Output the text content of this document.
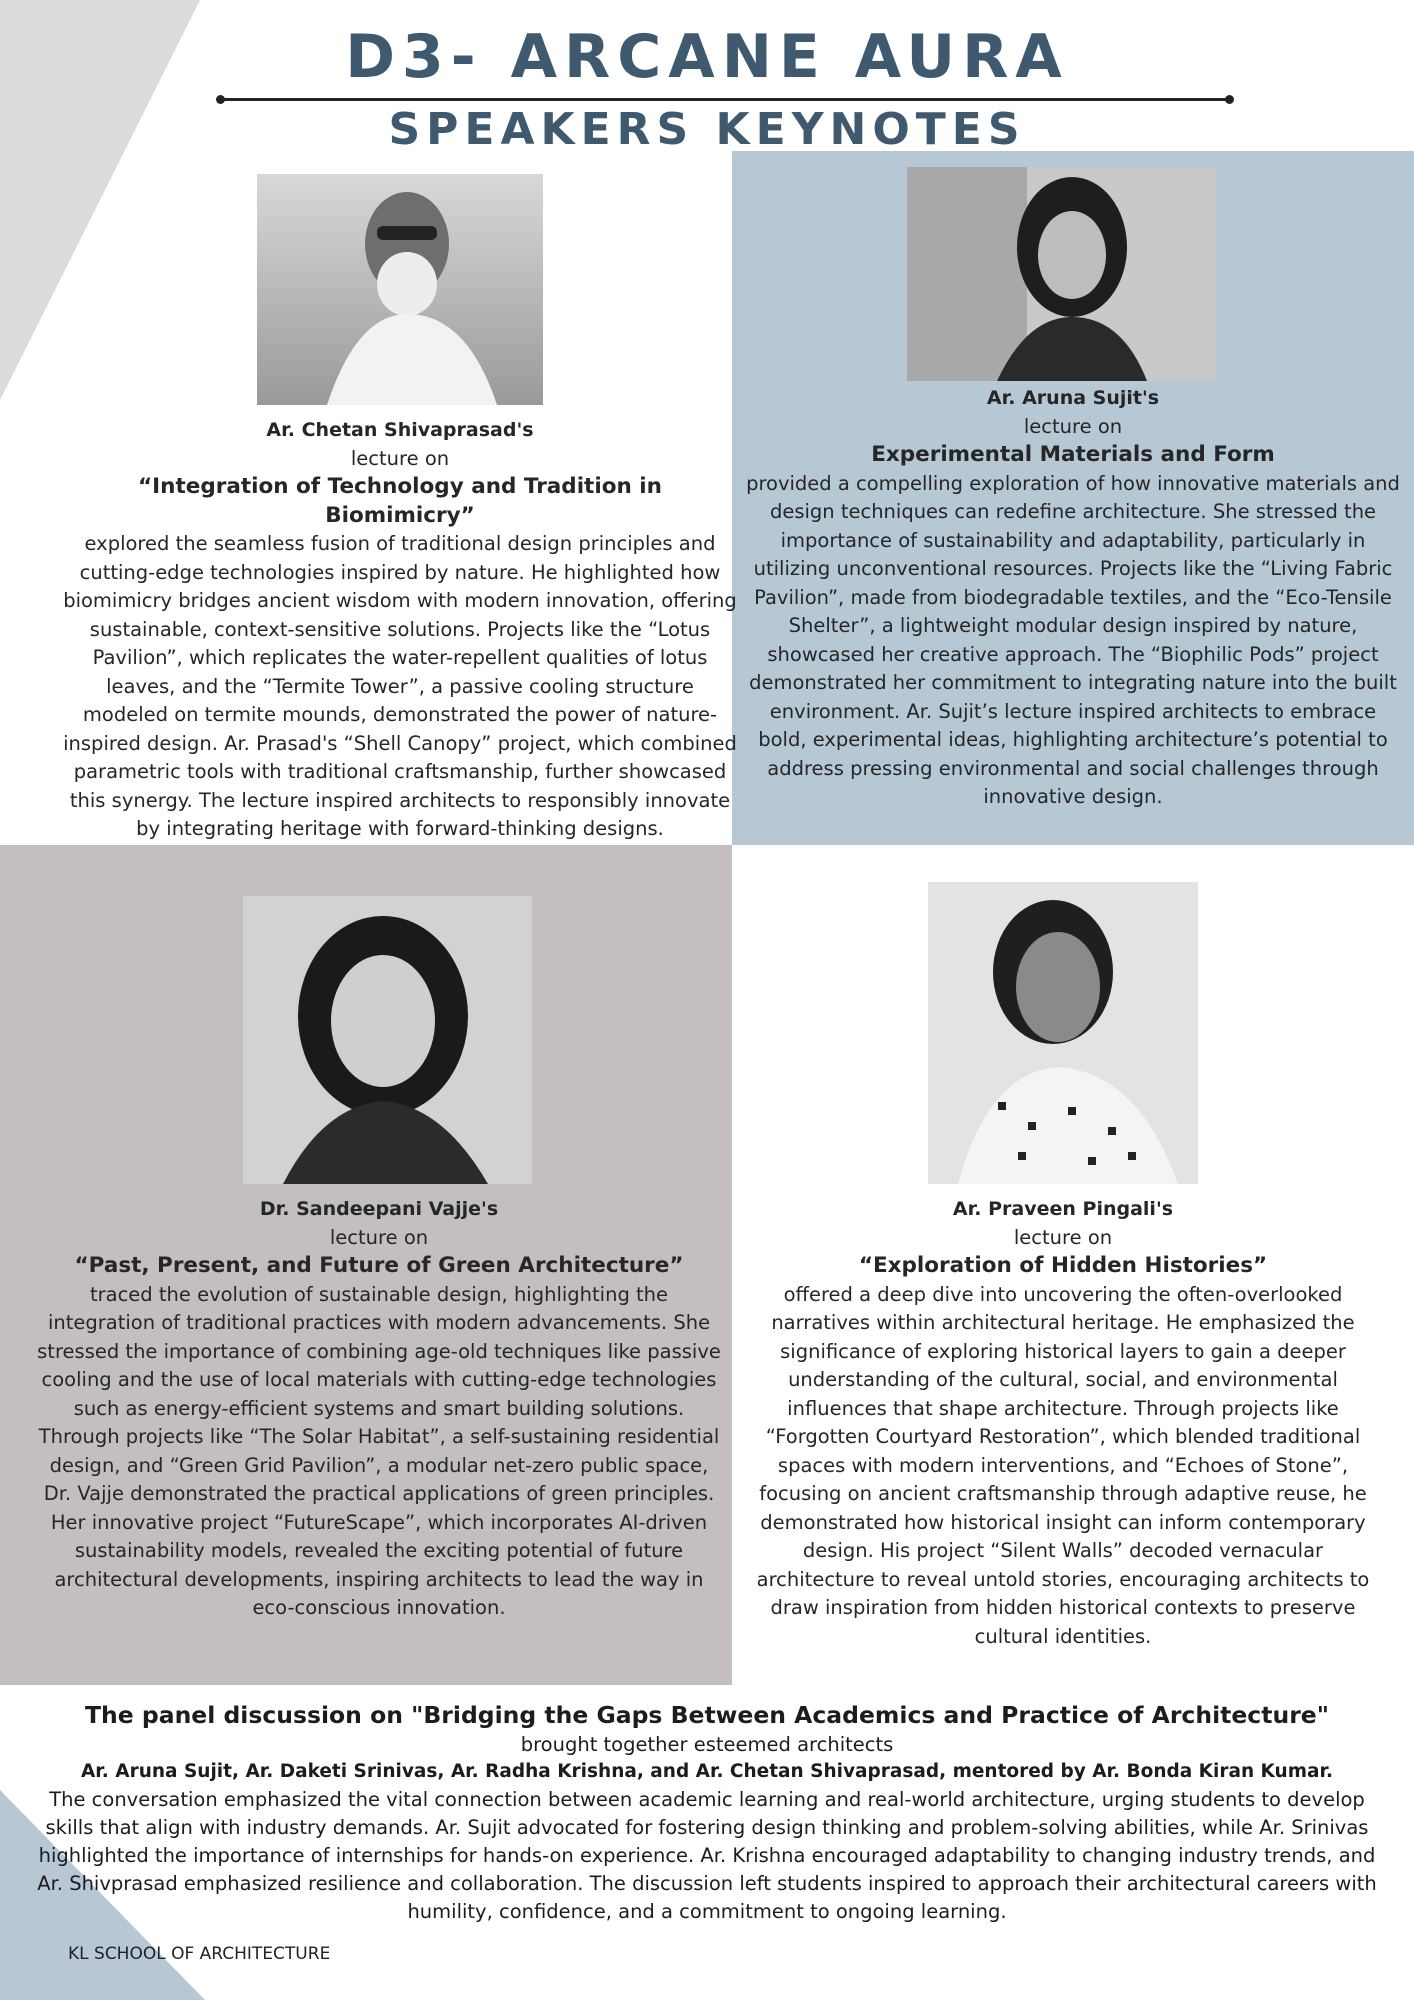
D3- ARCANE AURA
SPEAKERS KEYNOTES
Ar. Chetan Shivaprasad's
lecture on
“Integration of Technology and Tradition in Biomimicry”
explored the seamless fusion of traditional design principles and cutting-edge technologies inspired by nature. He highlighted how biomimicry bridges ancient wisdom with modern innovation, offering sustainable, context-sensitive solutions. Projects like the “Lotus Pavilion”, which replicates the water-repellent qualities of lotus leaves, and the “Termite Tower”, a passive cooling structure modeled on termite mounds, demonstrated the power of nature-inspired design. Ar. Prasad's “Shell Canopy” project, which combined parametric tools with traditional craftsmanship, further showcased this synergy. The lecture inspired architects to responsibly innovate by integrating heritage with forward-thinking designs.
Ar. Aruna Sujit's
lecture on
Experimental Materials and Form
provided a compelling exploration of how innovative materials and design techniques can redefine architecture. She stressed the importance of sustainability and adaptability, particularly in utilizing unconventional resources. Projects like the “Living Fabric Pavilion”, made from biodegradable textiles, and the “Eco-Tensile Shelter”, a lightweight modular design inspired by nature, showcased her creative approach. The “Biophilic Pods” project demonstrated her commitment to integrating nature into the built environment. Ar. Sujit’s lecture inspired architects to embrace bold, experimental ideas, highlighting architecture’s potential to address pressing environmental and social challenges through innovative design.
Dr. Sandeepani Vajje's
lecture on
“Past, Present, and Future of Green Architecture”
traced the evolution of sustainable design, highlighting the integration of traditional practices with modern advancements. She stressed the importance of combining age-old techniques like passive cooling and the use of local materials with cutting-edge technologies such as energy-efficient systems and smart building solutions. Through projects like “The Solar Habitat”, a self-sustaining residential design, and “Green Grid Pavilion”, a modular net-zero public space, Dr. Vajje demonstrated the practical applications of green principles. Her innovative project “FutureScape”, which incorporates AI-driven sustainability models, revealed the exciting potential of future architectural developments, inspiring architects to lead the way in eco-conscious innovation.
Ar. Praveen Pingali's
lecture on
“Exploration of Hidden Histories”
offered a deep dive into uncovering the often-overlooked narratives within architectural heritage. He emphasized the significance of exploring historical layers to gain a deeper understanding of the cultural, social, and environmental influences that shape architecture. Through projects like “Forgotten Courtyard Restoration”, which blended traditional spaces with modern interventions, and “Echoes of Stone”, focusing on ancient craftsmanship through adaptive reuse, he demonstrated how historical insight can inform contemporary design. His project “Silent Walls” decoded vernacular architecture to reveal untold stories, encouraging architects to draw inspiration from hidden historical contexts to preserve cultural identities.
The panel discussion on "Bridging the Gaps Between Academics and Practice of Architecture"
brought together esteemed architects
Ar. Aruna Sujit, Ar. Daketi Srinivas, Ar. Radha Krishna, and Ar. Chetan Shivaprasad, mentored by Ar. Bonda Kiran Kumar.
The conversation emphasized the vital connection between academic learning and real-world architecture, urging students to develop skills that align with industry demands. Ar. Sujit advocated for fostering design thinking and problem-solving abilities, while Ar. Srinivas highlighted the importance of internships for hands-on experience. Ar. Krishna encouraged adaptability to changing industry trends, and Ar. Shivprasad emphasized resilience and collaboration. The discussion left students inspired to approach their architectural careers with humility, confidence, and a commitment to ongoing learning.
KL SCHOOL OF ARCHITECTURE
